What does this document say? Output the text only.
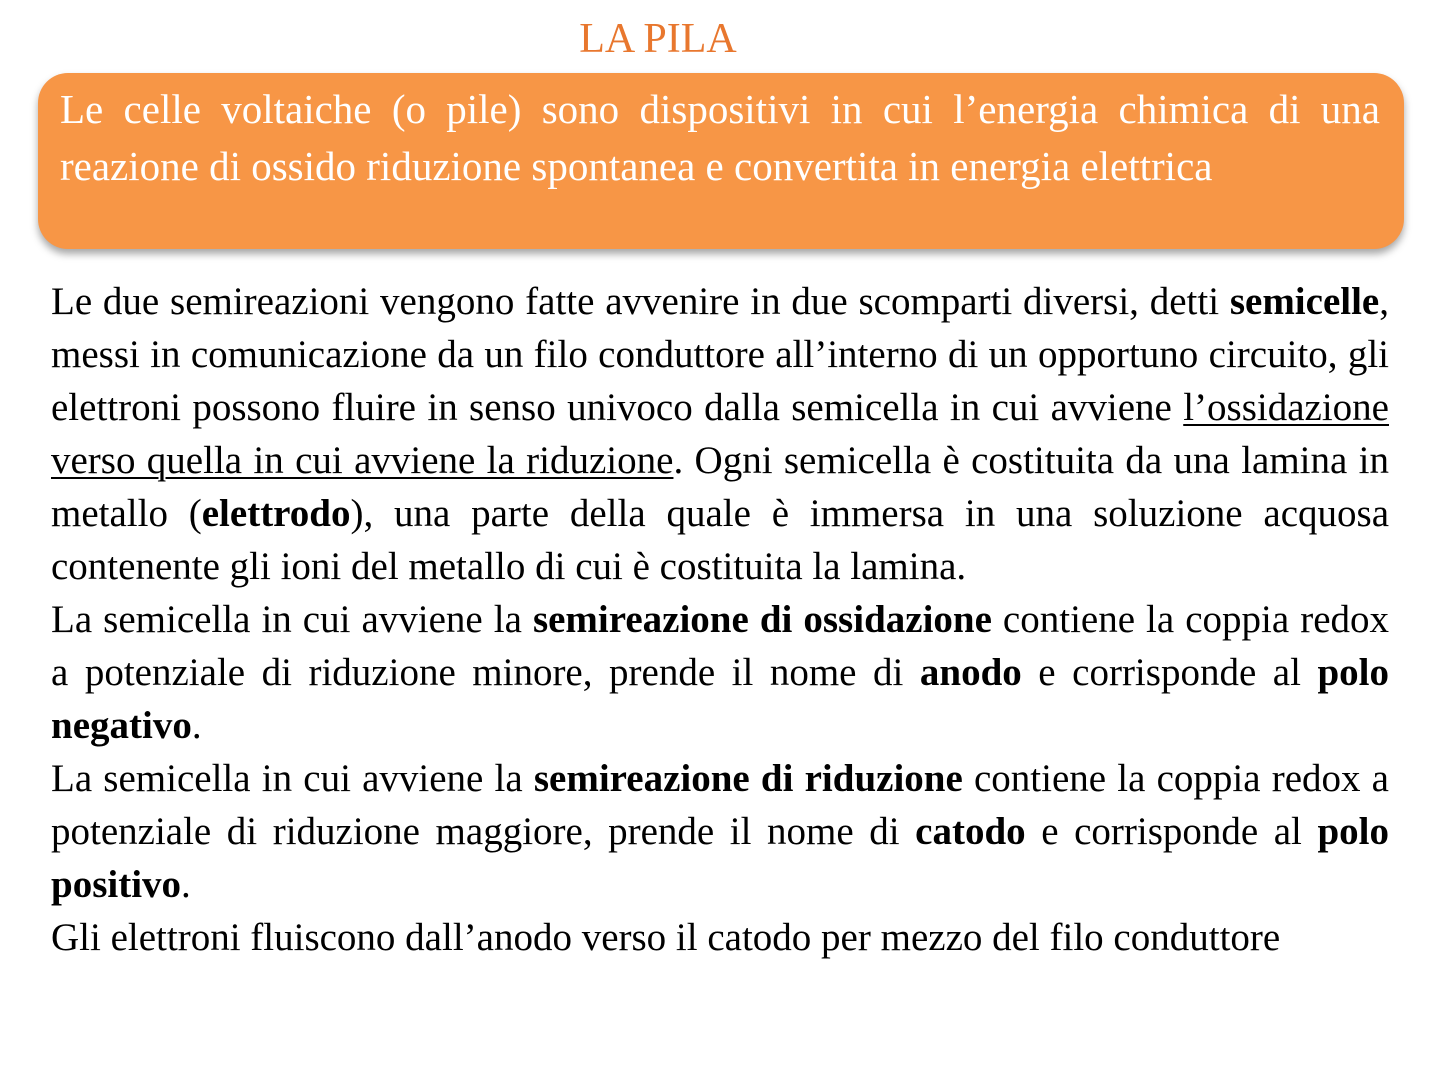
LA PILA

Le celle voltaiche (o pile) sono dispositivi in cui l’energia chimica di una reazione di ossido riduzione spontanea e convertita in energia elettrica

Le due semireazioni vengono fatte avvenire in due scomparti diversi, detti semicelle, messi in comunicazione da un filo conduttore all’interno di un opportuno circuito, gli elettroni possono fluire in senso univoco dalla semicella in cui avviene l’ossidazione verso quella in cui avviene la riduzione. Ogni semicella è costituita da una lamina in metallo (elettrodo), una parte della quale è immersa in una soluzione acquosa contenente gli ioni del metallo di cui è costituita la lamina.

La semicella in cui avviene la semireazione di ossidazione contiene la coppia redox a potenziale di riduzione minore, prende il nome di anodo e corrisponde al polo negativo.

La semicella in cui avviene la semireazione di riduzione contiene la coppia redox a potenziale di riduzione maggiore, prende il nome di catodo e corrisponde al polo positivo.

Gli elettroni fluiscono dall’anodo verso il catodo per mezzo del filo conduttore
